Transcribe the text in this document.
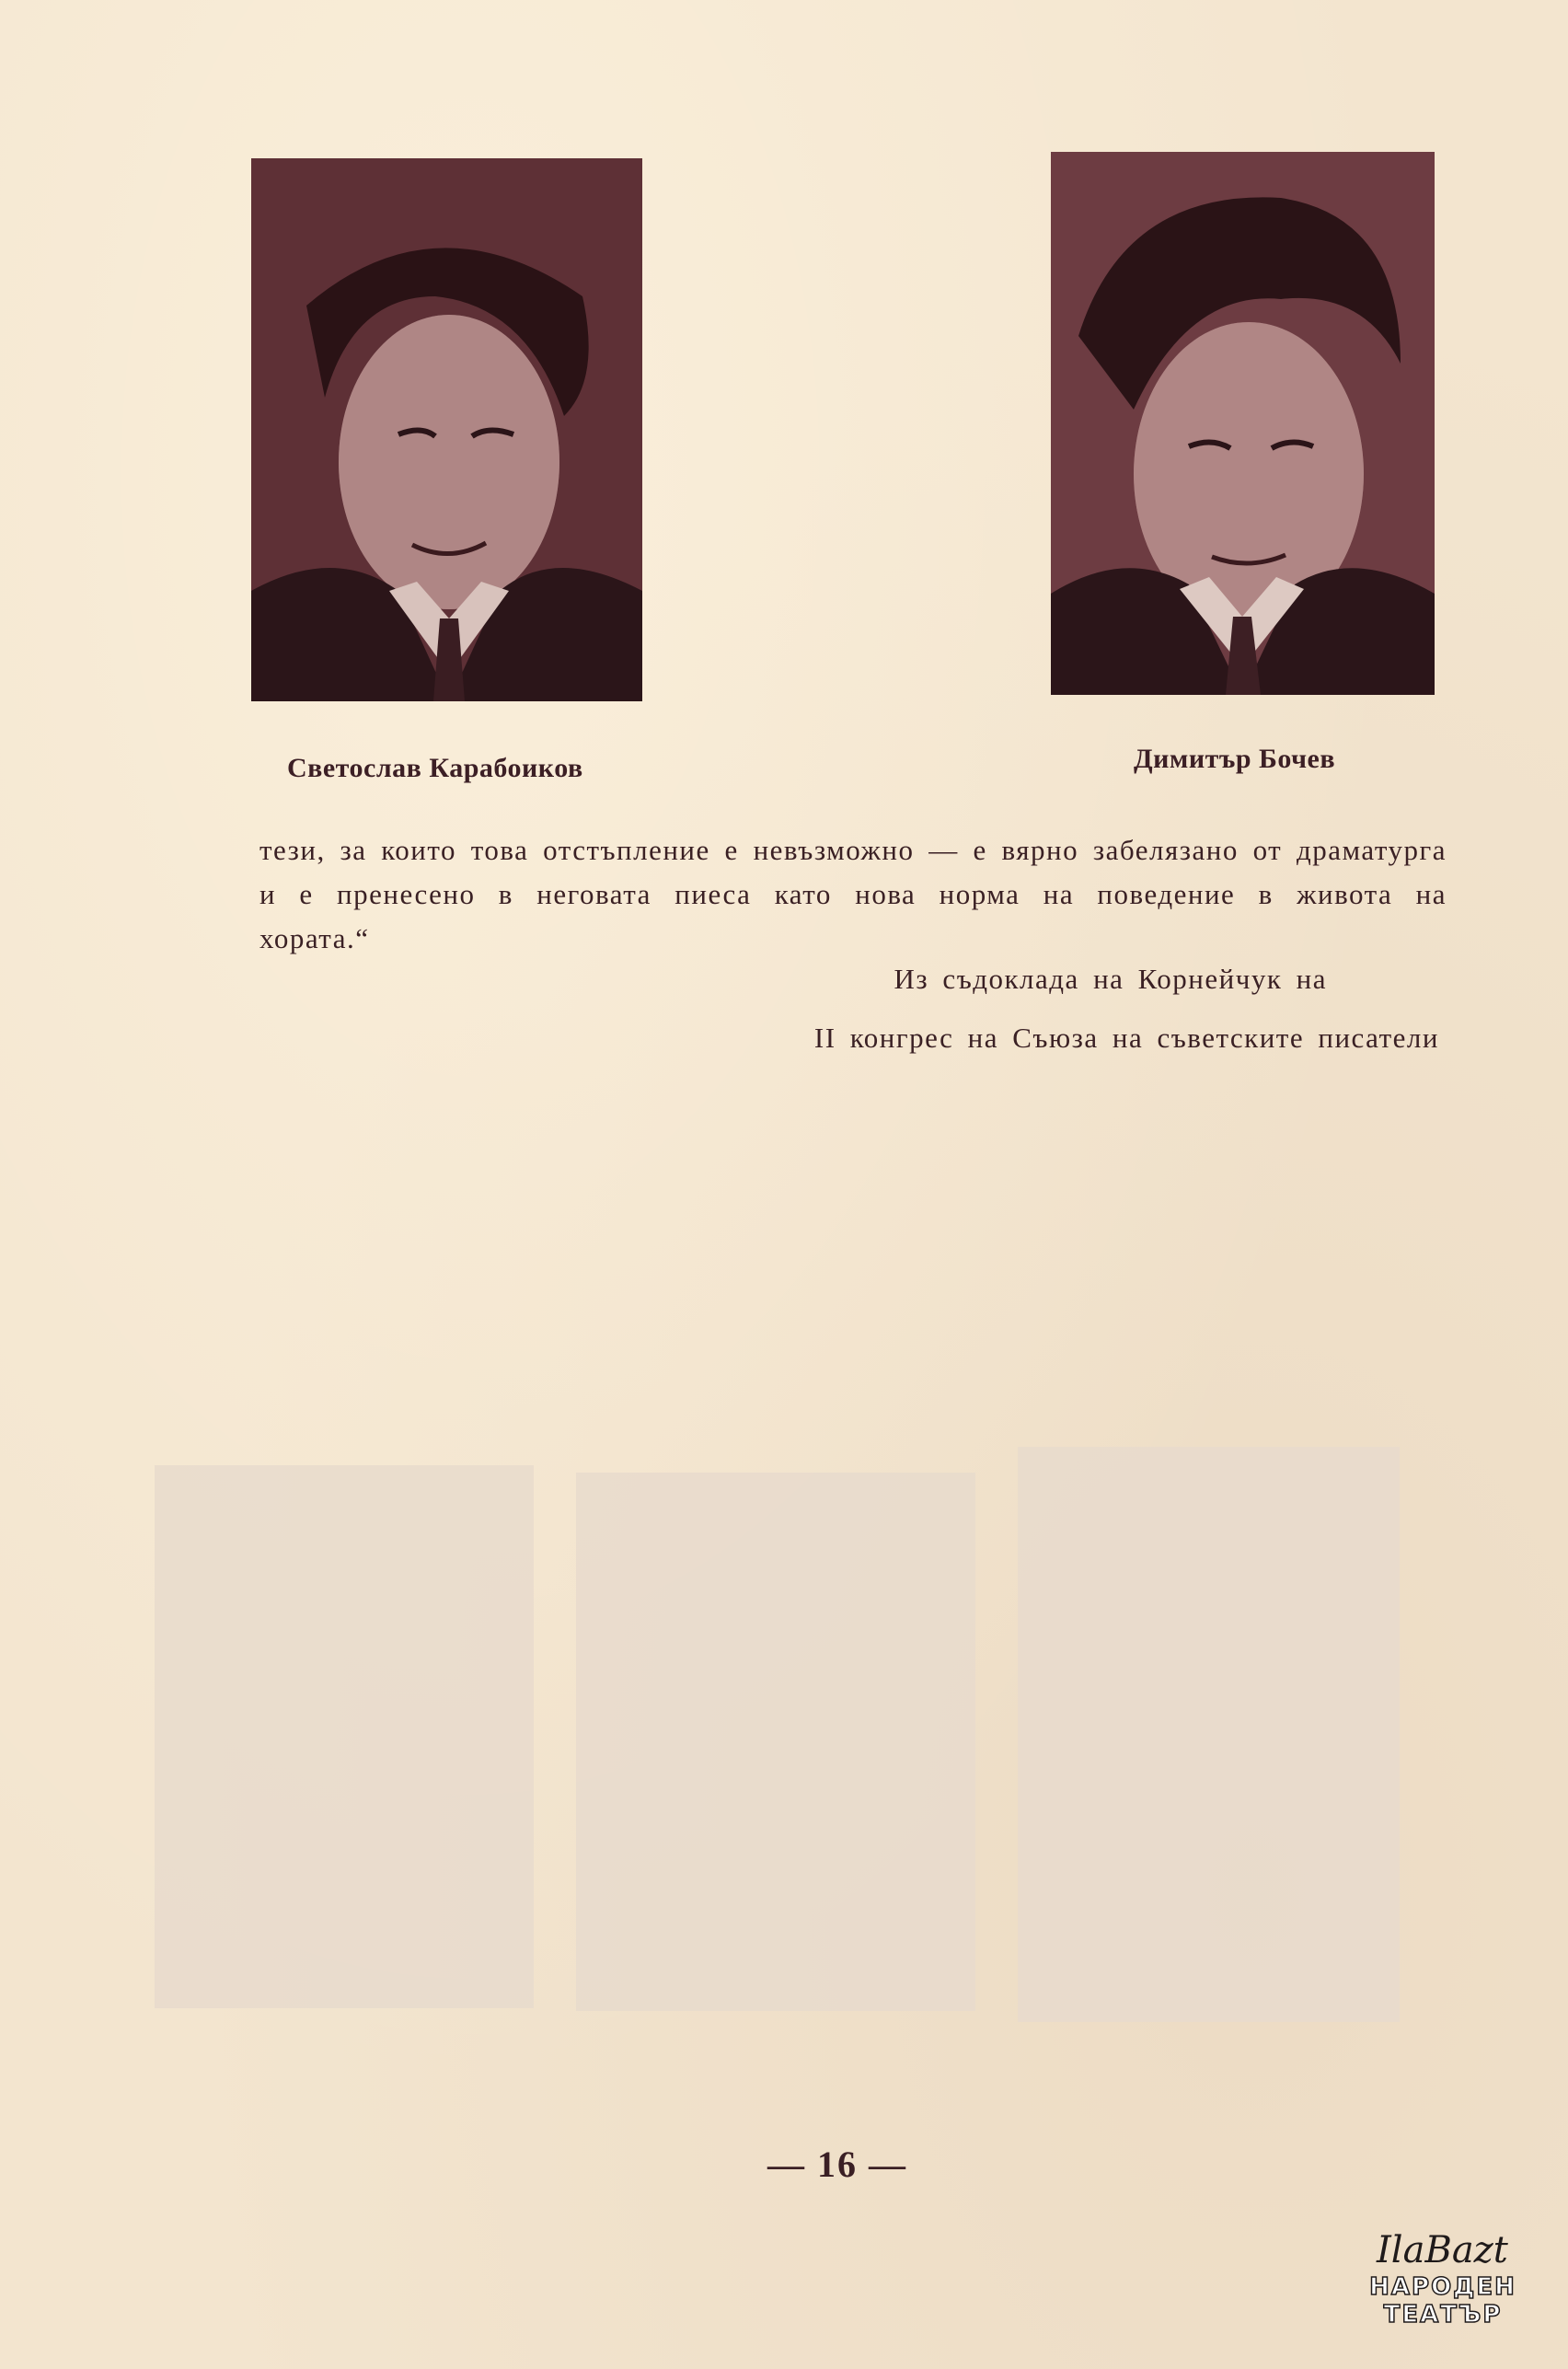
Светослав Карабоиков	Димитър Бочев

тези, за които това отстъпление е невъзможно — е вярно забелязано от драматурга и е пренесено в неговата пиеса като нова норма на поведение в живота на хората.“

Из съдоклада на Корнейчук на
II конгрес на Съюза на съветските писатели
— 16 —
IlaBazt
НАРОДЕН
ТЕАТЪР
